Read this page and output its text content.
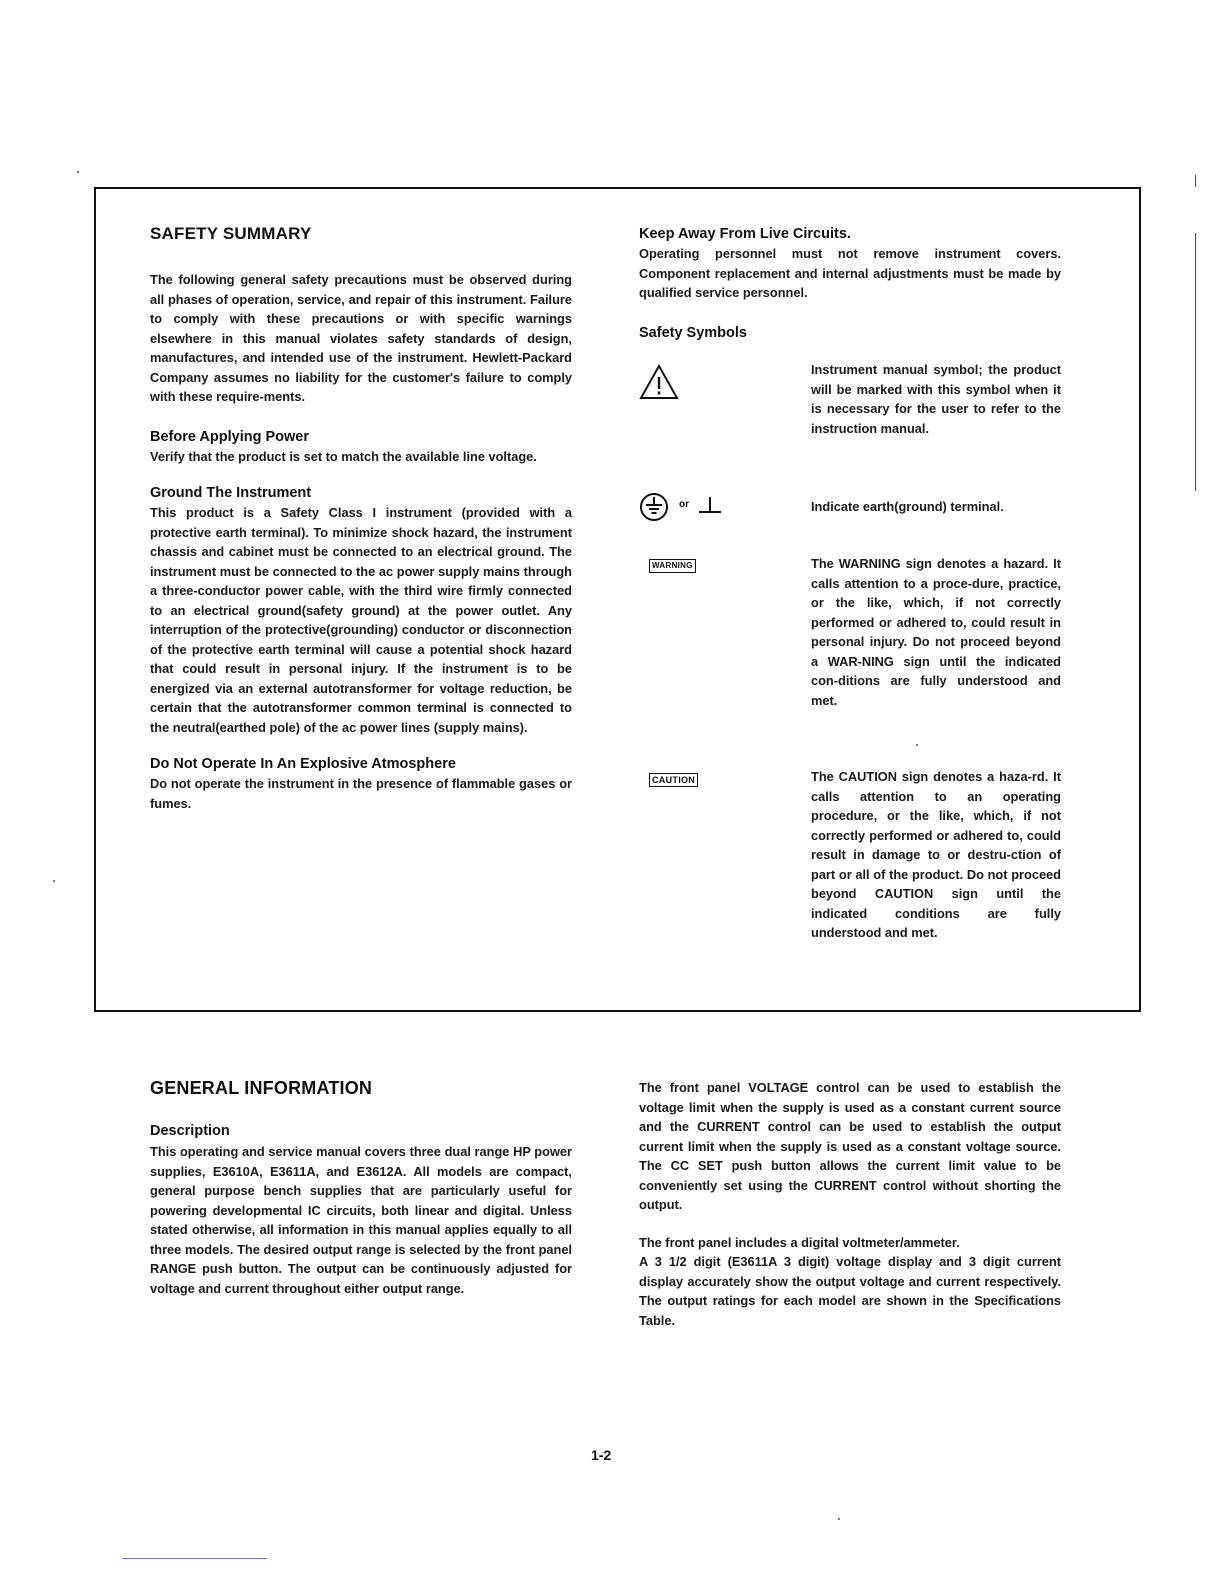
SAFETY SUMMARY

The following general safety precautions must be observed during all phases of operation, service, and repair of this instrument. Failure to comply with these precautions or with specific warnings elsewhere in this manual violates safety standards of design, manufactures, and intended use of the instrument. Hewlett-Packard Company assumes no liability for the customer's failure to comply with these require-ments.

Before Applying Power

Verify that the product is set to match the available line voltage.

Ground The Instrument

This product is a Safety Class I instrument (provided with a protective earth terminal). To minimize shock hazard, the instrument chassis and cabinet must be connected to an electrical ground. The instrument must be connected to the ac power supply mains through a three-conductor power cable, with the third wire firmly connected to an electrical ground(safety ground) at the power outlet. Any interruption of the protective(grounding) conductor or disconnection of the protective earth terminal will cause a potential shock hazard that could result in personal injury. If the instrument is to be energized via an external autotransformer for voltage reduction, be certain that the autotransformer common terminal is connected to the neutral(earthed pole) of the ac power lines (supply mains).

Do Not Operate In An Explosive Atmosphere

Do not operate the instrument in the presence of flammable gases or fumes.

Keep Away From Live Circuits.

Operating personnel must not remove instrument covers. Component replacement and internal adjustments must be made by qualified service personnel.

Safety Symbols

Instrument manual symbol; the product will be marked with this symbol when it is necessary for the user to refer to the instruction manual.

or	Indicate earth(ground) terminal.

WARNING	The WARNING sign denotes a hazard. It calls attention to a proce-dure, practice, or the like, which, if not correctly performed or adhered to, could result in personal injury. Do not proceed beyond a WAR-NING sign until the indicated con-ditions are fully understood and met.

CAUTION	The CAUTION sign denotes a haza-rd. It calls attention to an operating procedure, or the like, which, if not correctly performed or adhered to, could result in damage to or destru-ction of part or all of the product. Do not proceed beyond CAUTION sign until the indicated conditions are fully understood and met.

GENERAL INFORMATION
Description

This operating and service manual covers three dual range HP power supplies, E3610A, E3611A, and E3612A. All models are compact, general purpose bench supplies that are particularly useful for powering developmental IC circuits, both linear and digital. Unless stated otherwise, all information in this manual applies equally to all three models. The desired output range is selected by the front panel RANGE push button. The output can be continuously adjusted for voltage and current throughout either output range.

The front panel VOLTAGE control can be used to establish the voltage limit when the supply is used as a constant current source and the CURRENT control can be used to establish the output current limit when the supply is used as a constant voltage source. The CC SET push button allows the current limit value to be conveniently set using the CURRENT control without shorting the output.

The front panel includes a digital voltmeter/ammeter.

A 3 1/2 digit (E3611A 3 digit) voltage display and 3 digit current display accurately show the output voltage and current respectively. The output ratings for each model are shown in the Specifications Table.

1-2
